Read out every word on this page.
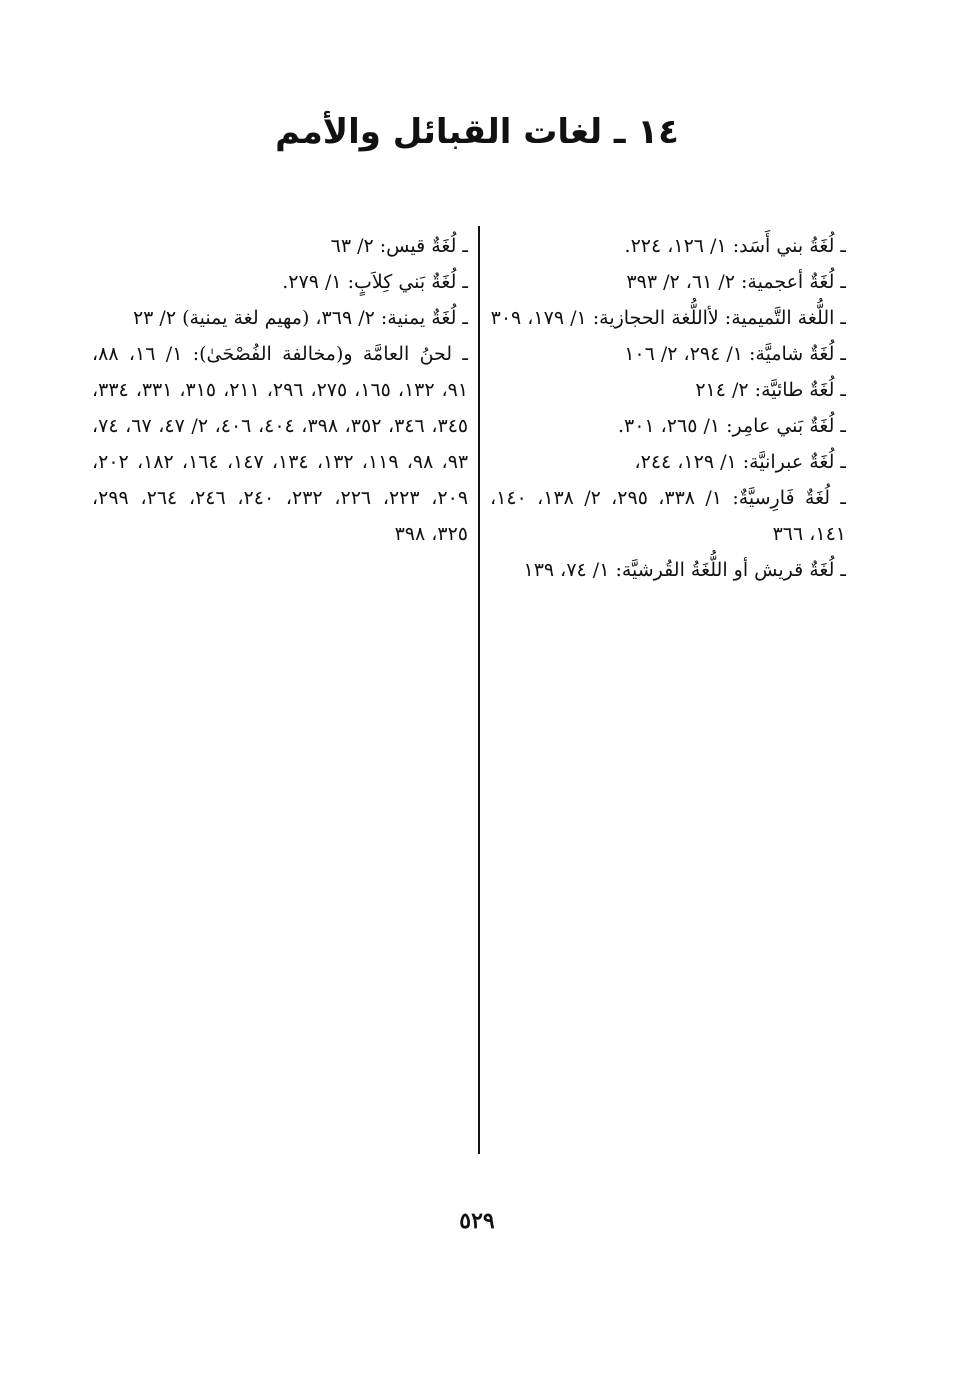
١٤ ـ لغات القبائل والأمم

ـ لُغَةُ بني أَسَد: ١/ ١٢٦، ٢٢٤.

ـ لُغَةٌ أعجمية: ٢/ ٦١، ٢/ ٣٩٣

ـ اللُّغة التَّميمية: لأاللُّغة الحجازية: ١/ ١٧٩، ٣٠٩

ـ لُغَةٌ شاميَّة: ١/ ٢٩٤، ٢/ ١٠٦

ـ لُغَةٌ طائيَّة: ٢/ ٢١٤

ـ لُغَةٌ بَني عامِر: ١/ ٢٦٥، ٣٠١.

ـ لُغَةٌ عبرانيَّة: ١/ ١٢٩، ٢٤٤،

ـ لُغَةٌ فَارِسيَّةٌ: ١/ ٣٣٨، ٢٩٥، ٢/ ١٣٨، ١٤٠، ١٤١، ٣٦٦

ـ لُغَةٌ قريش أو اللُّغَةُ القُرشيَّة: ١/ ٧٤، ١٣٩

ـ لُغَةٌ قيس: ٢/ ٦٣

ـ لُغَةٌ بَني كِلاَبٍ: ١/ ٢٧٩.

ـ لُغَةٌ يمنية: ٢/ ٣٦٩، (مهيم لغة يمنية) ٢/ ٢٣

ـ لحنُ العامَّة و(مخالفة الفُصْحَىٰ): ١/ ١٦، ٨٨، ٩١، ١٣٢، ١٦٥، ٢٧٥، ٢٩٦، ٢١١، ٣١٥، ٣٣١، ٣٣٤، ٣٤٥، ٣٤٦، ٣٥٢، ٣٩٨، ٤٠٤، ٤٠٦، ٢/ ٤٧، ٦٧، ٧٤، ٩٣، ٩٨، ١١٩، ١٣٢، ١٣٤، ١٤٧، ١٦٤، ١٨٢، ٢٠٢، ٢٠٩، ٢٢٣، ٢٢٦، ٢٣٢، ٢٤٠، ٢٤٦، ٢٦٤، ٢٩٩، ٣٢٥، ٣٩٨

٥٢٩
